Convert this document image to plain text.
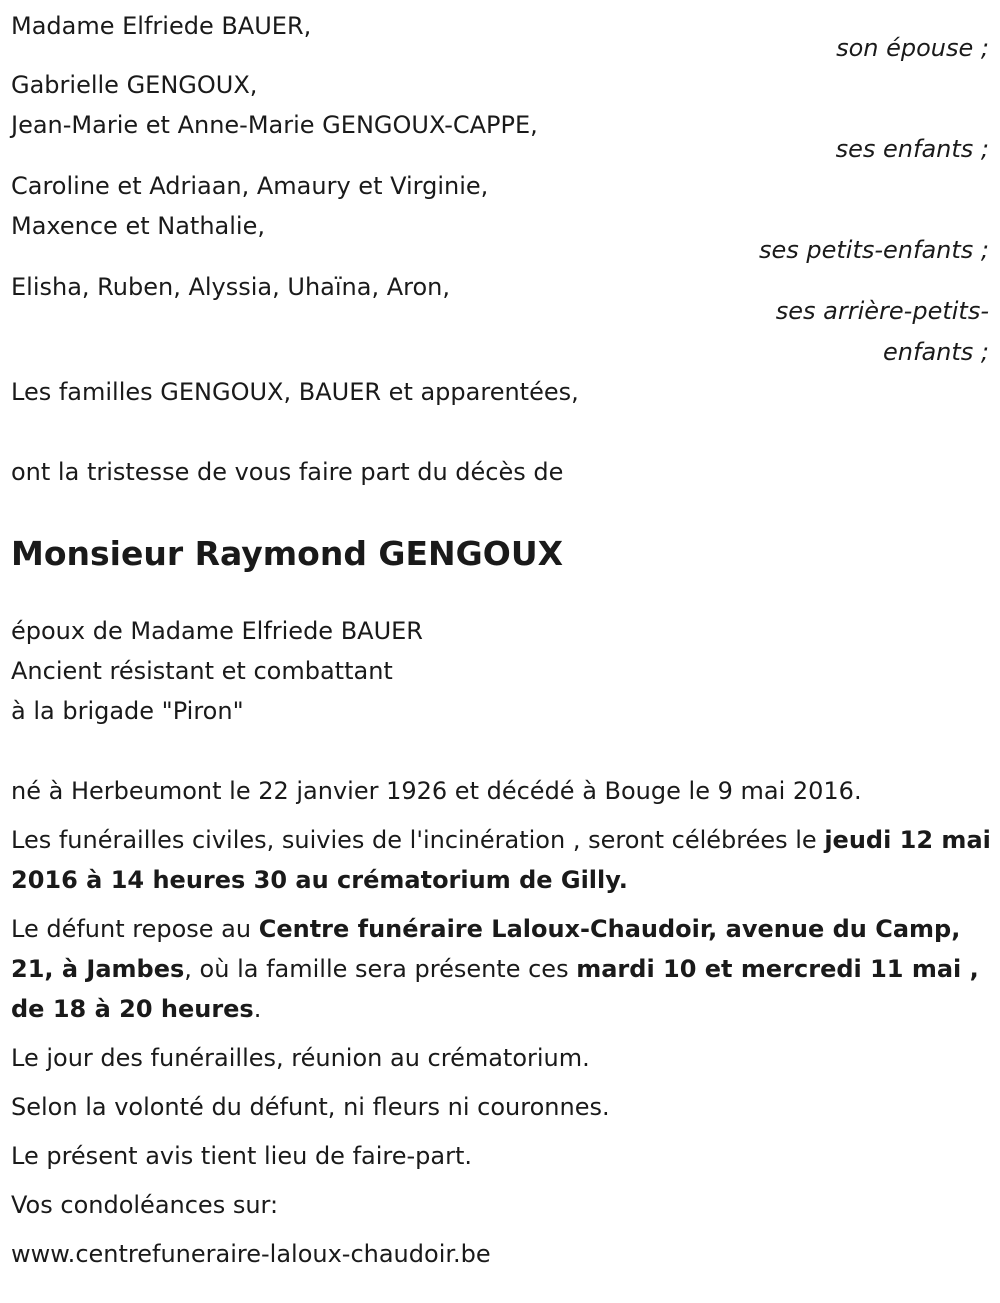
Madame Elfriede BAUER,
son épouse ;
Gabrielle GENGOUX,
Jean-Marie et Anne-Marie GENGOUX-CAPPE,
ses enfants ;
Caroline et Adriaan, Amaury et Virginie,
Maxence et Nathalie,
ses petits-enfants ;
Elisha, Ruben, Alyssia, Uhaïna, Aron,
ses arrière-petits-
enfants ;
Les familles GENGOUX, BAUER et apparentées,
ont la tristesse de vous faire part du décès de
Monsieur Raymond GENGOUX
époux de Madame Elfriede BAUER
Ancient résistant et combattant
à la brigade "Piron"
né à Herbeumont le 22 janvier 1926 et décédé à Bouge le 9 mai 2016.
Les funérailles civiles, suivies de l'incinération , seront célébrées le jeudi 12 mai 2016 à 14 heures 30 au crématorium de Gilly.
Le défunt repose au Centre funéraire Laloux-Chaudoir, avenue du Camp, 21, à Jambes, où la famille sera présente ces mardi 10 et mercredi 11 mai , de 18 à 20 heures.
Le jour des funérailles, réunion au crématorium.
Selon la volonté du défunt, ni fleurs ni couronnes.
Le présent avis tient lieu de faire-part.
Vos condoléances sur:
www.centrefuneraire-laloux-chaudoir.be
